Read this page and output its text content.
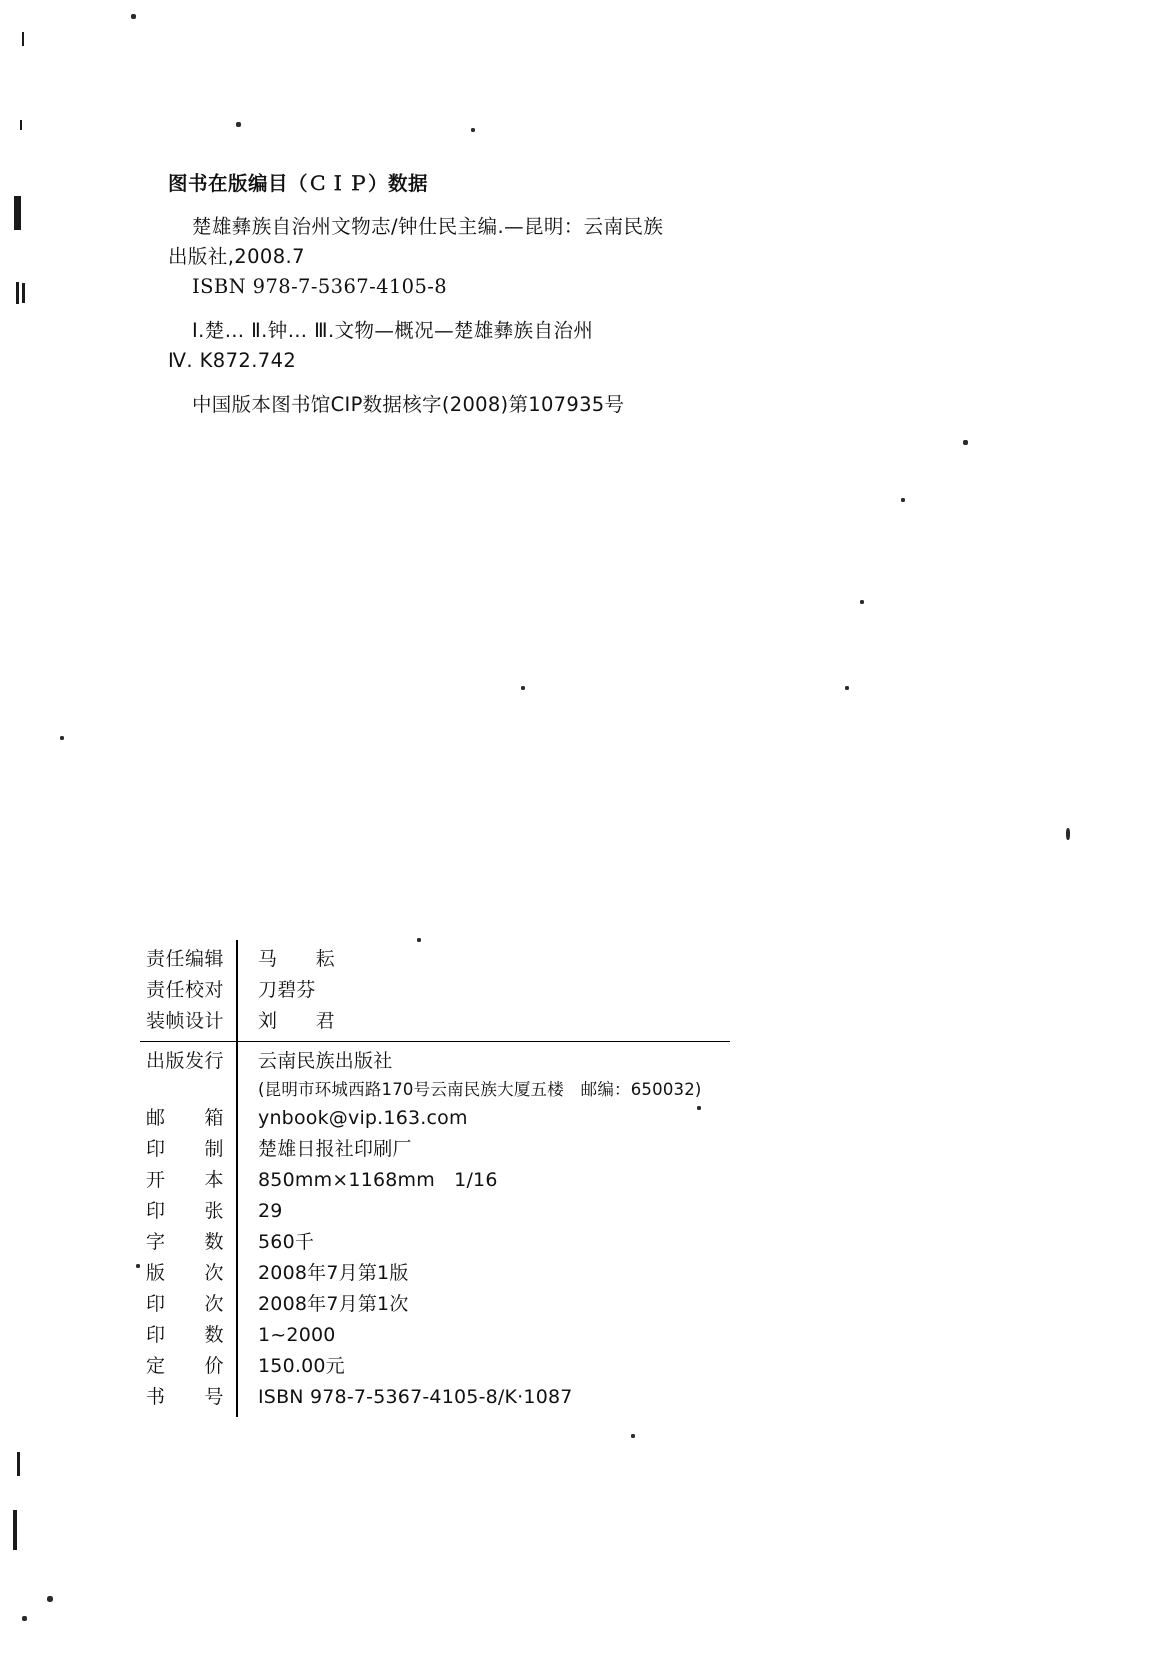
图书在版编目（ＣＩＰ）数据
楚雄彝族自治州文物志/钟仕民主编.—昆明：云南民族
出版社,2008.7
ISBN 978-7-5367-4105-8
Ⅰ.楚… Ⅱ.钟… Ⅲ.文物—概况—楚雄彝族自治州
Ⅳ. K872.742
中国版本图书馆CIP数据核字(2008)第107935号
责任编辑	马　　耘
责任校对	刀碧芬
装帧设计	刘　　君
出版发行	云南民族出版社
(昆明市环城西路170号云南民族大厦五楼　邮编：650032)
邮　　箱	ynbook@vip.163.com
印　　制	楚雄日报社印刷厂
开　　本	850mm×1168mm　1/16
印　　张	29
字　　数	560千
版　　次	2008年7月第1版
印　　次	2008年7月第1次
印　　数	1~2000
定　　价	150.00元
书　　号	ISBN 978-7-5367-4105-8/K·1087
